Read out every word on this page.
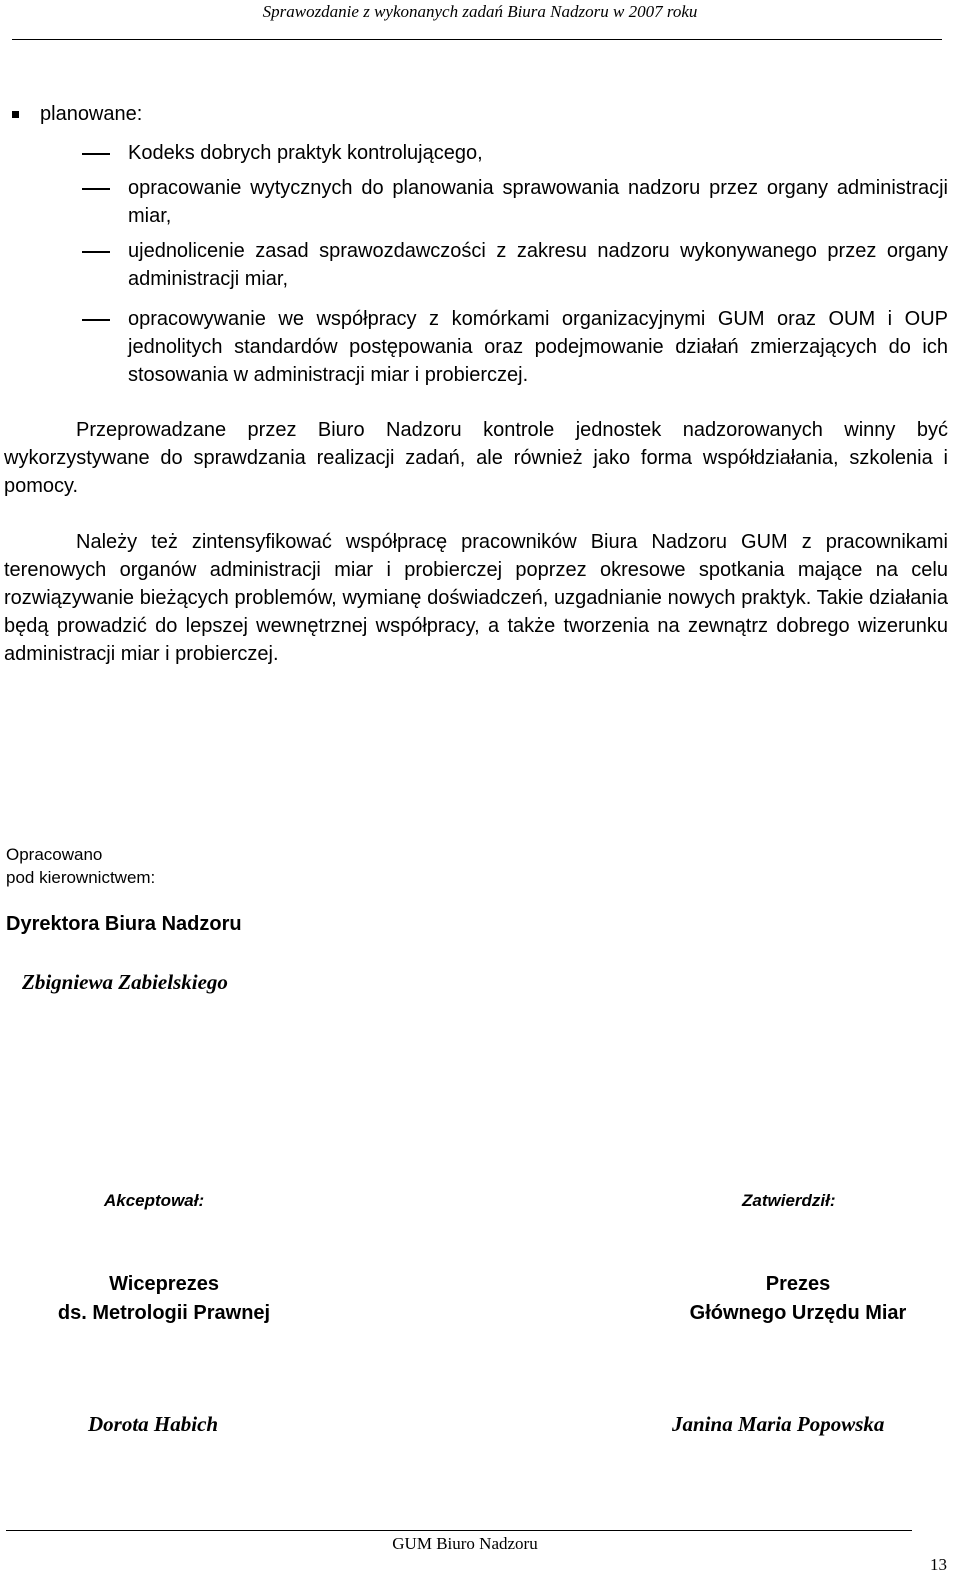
Sprawozdanie z wykonanych zadań Biura Nadzoru w 2007 roku
planowane:
Kodeks dobrych praktyk kontrolującego,
opracowanie wytycznych do planowania sprawowania nadzoru przez organy administracji miar,
ujednolicenie zasad sprawozdawczości z zakresu nadzoru wykonywanego przez organy administracji miar,
opracowywanie we współpracy z komórkami organizacyjnymi GUM oraz OUM i OUP jednolitych standardów postępowania oraz podejmowanie działań zmierzających do ich stosowania w administracji miar i probierczej.
Przeprowadzane przez Biuro Nadzoru kontrole jednostek nadzorowanych winny być wykorzystywane do sprawdzania realizacji zadań, ale również jako forma współdziałania, szkolenia i pomocy.
Należy też zintensyfikować współpracę pracowników Biura Nadzoru GUM z pracownikami terenowych organów administracji miar i probierczej poprzez okresowe spotkania mające na celu rozwiązywanie bieżących problemów, wymianę doświadczeń, uzgadnianie nowych praktyk. Takie działania będą prowadzić do lepszej wewnętrznej współpracy, a także tworzenia na zewnątrz dobrego wizerunku administracji miar i probierczej.
Opracowano
pod kierownictwem:
Dyrektora Biura Nadzoru
Zbigniewa Zabielskiego
Akceptował:	Zatwierdził:
Wiceprezes
ds. Metrologii Prawnej
Prezes
Głównego Urzędu Miar
Dorota Habich	Janina Maria Popowska
GUM Biuro Nadzoru
13
